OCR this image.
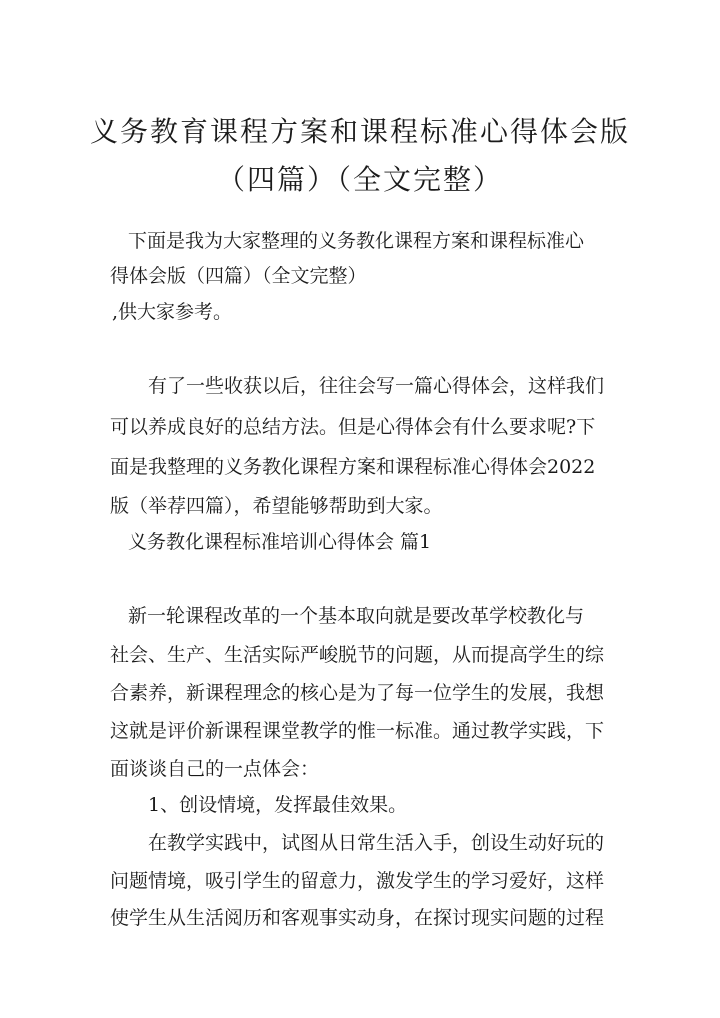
义务教育课程方案和课程标准心得体会版
（四篇）（全文完整）

下面是我为大家整理的义务教化课程方案和课程标准心

得体会版（四篇）（全文完整）

,供大家参考。

有了一些收获以后，往往会写一篇心得体会，这样我们

可以养成良好的总结方法。但是心得体会有什么要求呢?下

面是我整理的义务教化课程方案和课程标准心得体会2022

版（举荐四篇），希望能够帮助到大家。

义务教化课程标准培训心得体会 篇1

新一轮课程改革的一个基本取向就是要改革学校教化与

社会、生产、生活实际严峻脱节的问题，从而提高学生的综

合素养，新课程理念的核心是为了每一位学生的发展，我想

这就是评价新课程课堂教学的惟一标准。通过教学实践，下

面谈谈自己的一点体会：

1、创设情境，发挥最佳效果。

在教学实践中，试图从日常生活入手，创设生动好玩的

问题情境，吸引学生的留意力，激发学生的学习爱好，这样

使学生从生活阅历和客观事实动身，在探讨现实问题的过程
